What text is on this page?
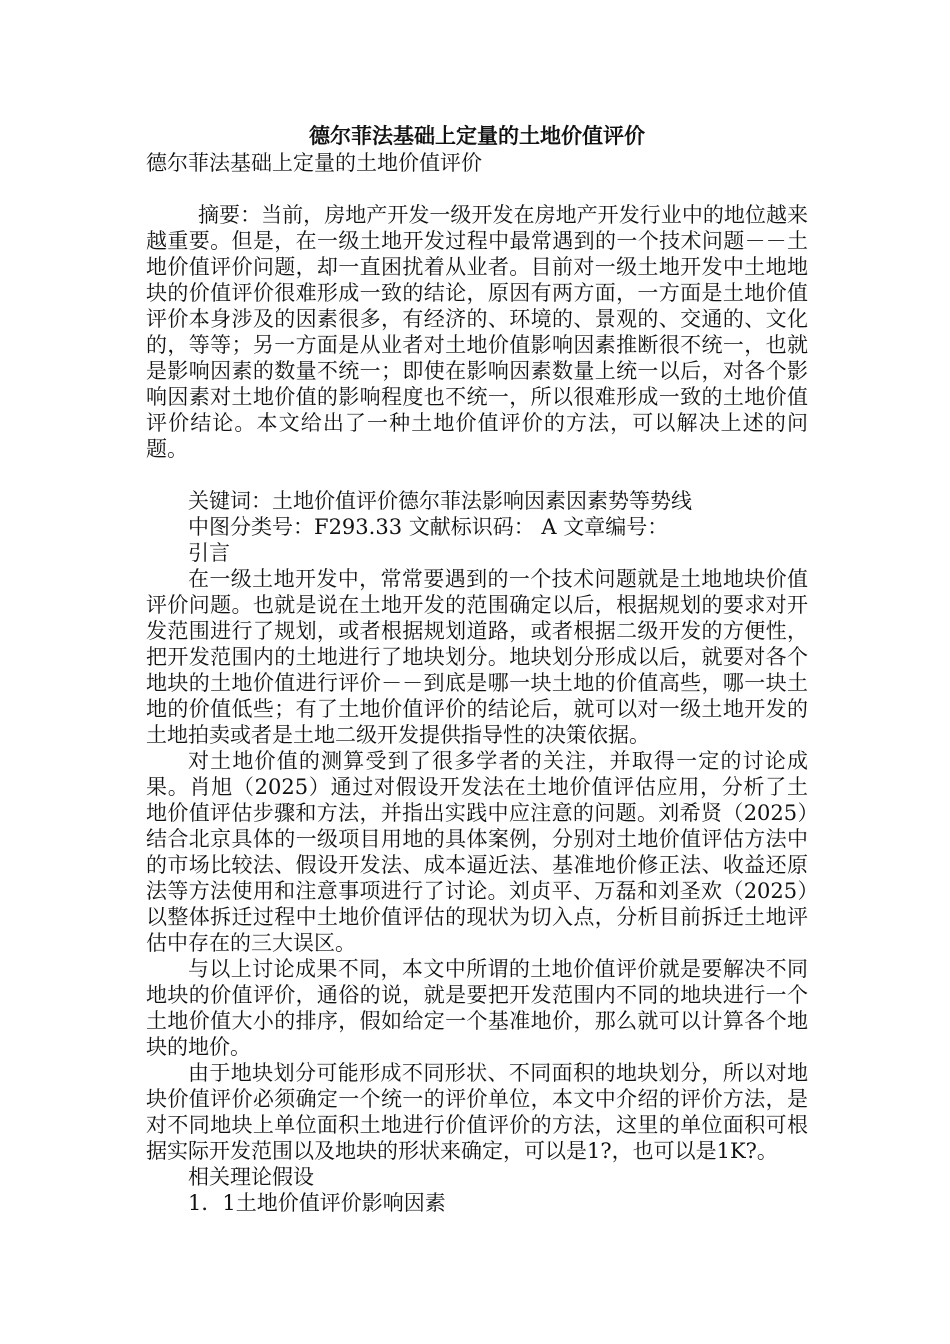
德尔菲法基础上定量的土地价值评价

德尔菲法基础上定量的土地价值评价

摘要：当前，房地产开发一级开发在房地产开发行业中的地位越来越重要。但是，在一级土地开发过程中最常遇到的一个技术问题－－土地价值评价问题，却一直困扰着从业者。目前对一级土地开发中土地地块的价值评价很难形成一致的结论，原因有两方面，一方面是土地价值评价本身涉及的因素很多，有经济的、环境的、景观的、交通的、文化的，等等；另一方面是从业者对土地价值影响因素推断很不统一，也就是影响因素的数量不统一；即使在影响因素数量上统一以后，对各个影响因素对土地价值的影响程度也不统一，所以很难形成一致的土地价值评价结论。本文给出了一种土地价值评价的方法，可以解决上述的问题。

关键词：土地价值评价德尔菲法影响因素因素势等势线

中图分类号：F293.33 文献标识码： A 文章编号：

引言

在一级土地开发中，常常要遇到的一个技术问题就是土地地块价值评价问题。也就是说在土地开发的范围确定以后，根据规划的要求对开发范围进行了规划，或者根据规划道路，或者根据二级开发的方便性，把开发范围内的土地进行了地块划分。地块划分形成以后，就要对各个地块的土地价值进行评价－－到底是哪一块土地的价值高些，哪一块土地的价值低些；有了土地价值评价的结论后，就可以对一级土地开发的土地拍卖或者是土地二级开发提供指导性的决策依据。

对土地价值的测算受到了很多学者的关注，并取得一定的讨论成果。肖旭（2025）通过对假设开发法在土地价值评估应用，分析了土地价值评估步骤和方法，并指出实践中应注意的问题。刘希贤（2025）结合北京具体的一级项目用地的具体案例，分别对土地价值评估方法中的市场比较法、假设开发法、成本逼近法、基准地价修正法、收益还原法等方法使用和注意事项进行了讨论。刘贞平、万磊和刘圣欢（2025）以整体拆迁过程中土地价值评估的现状为切入点，分析目前拆迁土地评估中存在的三大误区。

与以上讨论成果不同，本文中所谓的土地价值评价就是要解决不同地块的价值评价，通俗的说，就是要把开发范围内不同的地块进行一个土地价值大小的排序，假如给定一个基准地价，那么就可以计算各个地块的地价。

由于地块划分可能形成不同形状、不同面积的地块划分，所以对地块价值评价必须确定一个统一的评价单位，本文中介绍的评价方法，是对不同地块上单位面积土地进行价值评价的方法，这里的单位面积可根据实际开发范围以及地块的形状来确定，可以是1?，也可以是1K?。

相关理论假设

1．1土地价值评价影响因素
